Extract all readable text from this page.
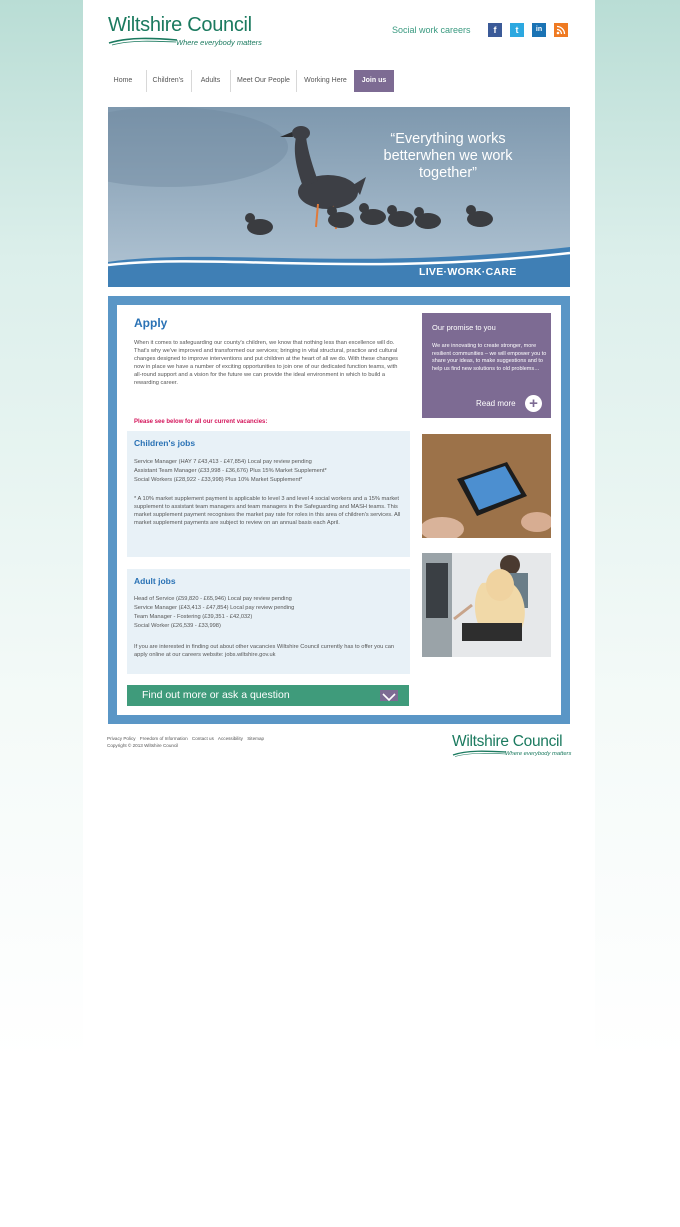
Wiltshire Council
Where everybody matters
Social work careers	f	t	in
Home	Children's	Adults	Meet Our People	Working Here	Join us
“Everything works betterwhen we work together”
LIVE·WORK·CARE
Apply
When it comes to safeguarding our county's children, we know that nothing less than excellence will do. That's why we've improved and transformed our services; bringing in vital structural, practice and cultural changes designed to improve interventions and put children at the heart of all we do. With these changes now in place we have a number of exciting opportunities to join one of our dedicated function teams, with all-round support and a vision for the future we can provide the ideal environment in which to build a rewarding career.
Please see below for all our current vacancies:
Children's jobs
Service Manager (HAY 7 £43,413 - £47,854) Local pay review pending
Assistant Team Manager (£33,998 - £36,676) Plus 15% Market Supplement*
Social Workers (£28,922 - £33,998) Plus 10% Market Supplement*
* A 10% market supplement payment is applicable to level 3 and level 4 social workers and a 15% market supplement to assistant team managers and team managers in the Safeguarding and MASH teams. This market supplement payment recognises the market pay rate for roles in this area of children's services. All market supplement payments are subject to review on an annual basis each April.
Adult jobs
Head of Service (£59,820 - £65,946) Local pay review pending
Service Manager (£43,413 - £47,854) Local pay review pending
Team Manager - Fostering (£39,351 - £42,032)
Social Worker (£26,539 - £33,998)
If you are interested in finding out about other vacancies Wiltshire Council currently has to offer you can apply online at our careers website: jobs.wiltshire.gov.uk
Find out more or ask a question
Our promise to you
We are innovating to create stronger, more resilient communities – we will empower you to share your ideas, to make suggestions and to help us find new solutions to old problems…
Read more +
Privacy Policy Freedom of Information Contact us Accessibility Sitemap
Copyright © 2013 Wiltshire Council	Wiltshire Council
Where everybody matters
